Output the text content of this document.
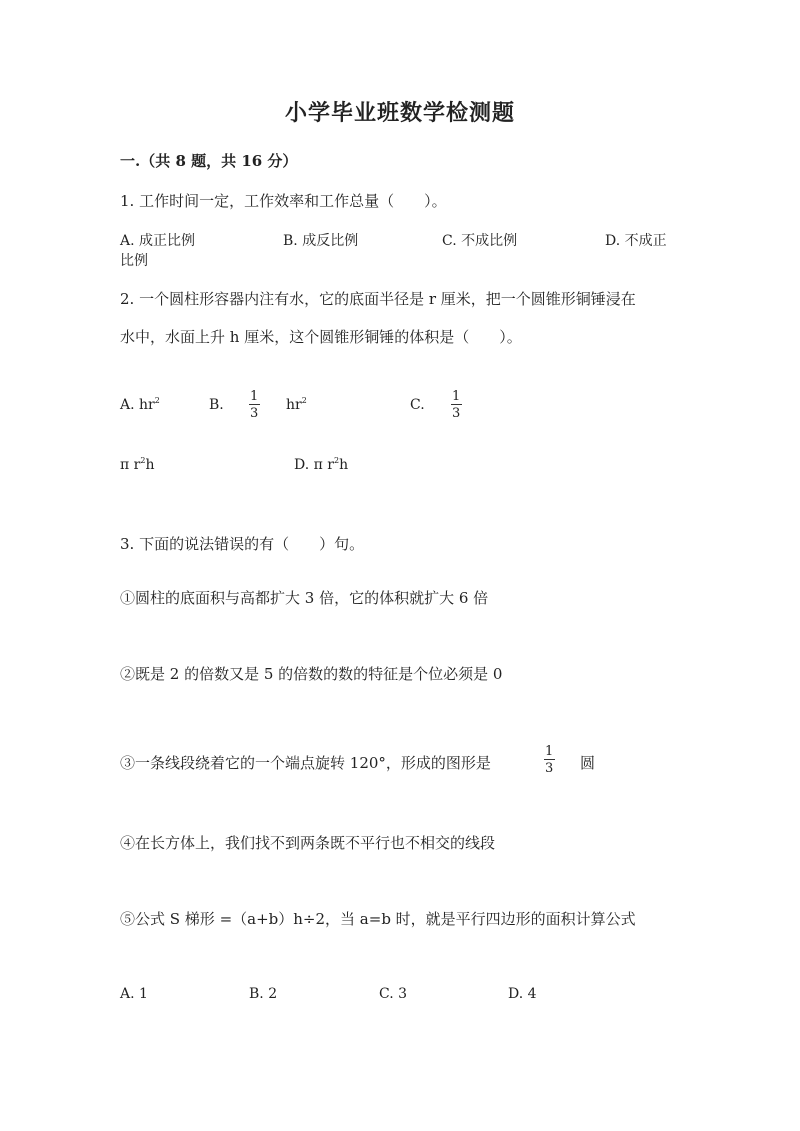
小学毕业班数学检测题
一.（共 8 题，共 16 分）
1. 工作时间一定，工作效率和工作总量（　　）。
A. 成正比例	B. 成反比例	C. 不成比例	D. 不成正
比例
2. 一个圆柱形容器内注有水，它的底面半径是 r 厘米，把一个圆锥形铜锤浸在
水中，水面上升 h 厘米，这个圆锥形铜锤的体积是（　　）。
A. $hr^2$	B.
1
3
$hr^2$	C.
1
3
π $r^2h$	D. π $r^2h$
3. 下面的说法错误的有（　　）句。
①圆柱的底面积与高都扩大 3 倍，它的体积就扩大 6 倍
②既是 2 的倍数又是 5 的倍数的数的特征是个位必须是 0
③一条线段绕着它的一个端点旋转 120°，形成的图形是
1
3 圆
④在长方体上，我们找不到两条既不平行也不相交的线段
⑤公式 S 梯形 =（a+b）h÷2，当 a=b 时，就是平行四边形的面积计算公式
A. 1	B. 2	C. 3	D. 4
